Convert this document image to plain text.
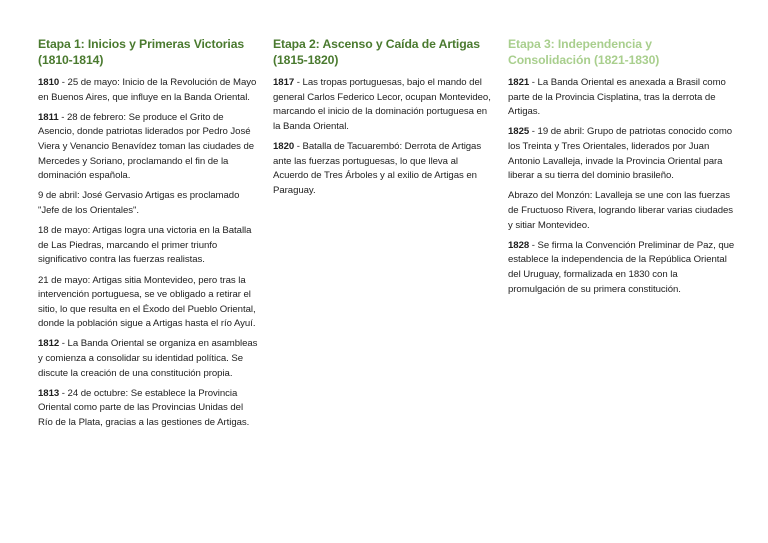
Etapa 1: Inicios y Primeras Victorias (1810-1814)

1810 - 25 de mayo: Inicio de la Revolución de Mayo en Buenos Aires, que influye en la Banda Oriental.

1811 - 28 de febrero: Se produce el Grito de Asencio, donde patriotas liderados por Pedro José Viera y Venancio Benavídez toman las ciudades de Mercedes y Soriano, proclamando el fin de la dominación española.

9 de abril: José Gervasio Artigas es proclamado "Jefe de los Orientales".

18 de mayo: Artigas logra una victoria en la Batalla de Las Piedras, marcando el primer triunfo significativo contra las fuerzas realistas.

21 de mayo: Artigas sitia Montevideo, pero tras la intervención portuguesa, se ve obligado a retirar el sitio, lo que resulta en el Éxodo del Pueblo Oriental, donde la población sigue a Artigas hasta el río Ayuí.

1812 - La Banda Oriental se organiza en asambleas y comienza a consolidar su identidad política. Se discute la creación de una constitución propia.

1813 - 24 de octubre: Se establece la Provincia Oriental como parte de las Provincias Unidas del Río de la Plata, gracias a las gestiones de Artigas.

Etapa 2: Ascenso y Caída de Artigas (1815-1820)

1817 - Las tropas portuguesas, bajo el mando del general Carlos Federico Lecor, ocupan Montevideo, marcando el inicio de la dominación portuguesa en la Banda Oriental.

1820 - Batalla de Tacuarembó: Derrota de Artigas ante las fuerzas portuguesas, lo que lleva al Acuerdo de Tres Árboles y al exilio de Artigas en Paraguay.

Etapa 3: Independencia y Consolidación (1821-1830)

1821 - La Banda Oriental es anexada a Brasil como parte de la Provincia Cisplatina, tras la derrota de Artigas.

1825 - 19 de abril: Grupo de patriotas conocido como los Treinta y Tres Orientales, liderados por Juan Antonio Lavalleja, invade la Provincia Oriental para liberar a su tierra del dominio brasileño.

Abrazo del Monzón: Lavalleja se une con las fuerzas de Fructuoso Rivera, logrando liberar varias ciudades y sitiar Montevideo.

1828 - Se firma la Convención Preliminar de Paz, que establece la independencia de la República Oriental del Uruguay, formalizada en 1830 con la promulgación de su primera constitución.
